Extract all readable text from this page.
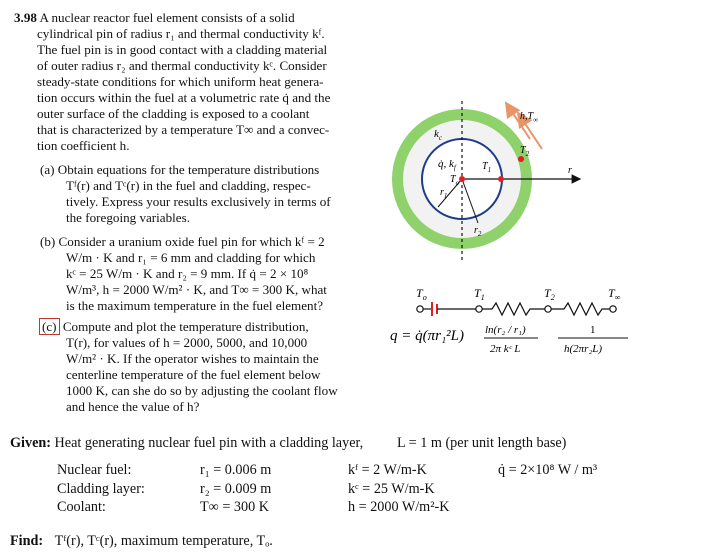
3.98 A nuclear reactor fuel element consists of a solid
cylindrical pin of radius r₁ and thermal conductivity kᶠ.
The fuel pin is in good contact with a cladding material
of outer radius r₂ and thermal conductivity kᶜ. Consider
steady-state conditions for which uniform heat genera-
tion occurs within the fuel at a volumetric rate q̇ and the
outer surface of the cladding is exposed to a coolant
that is characterized by a temperature T∞ and a convec-
tion coefficient h.
(a) Obtain equations for the temperature distributions
Tᶠ(r) and Tᶜ(r) in the fuel and cladding, respec-
tively. Express your results exclusively in terms of
the foregoing variables.
(b) Consider a uranium oxide fuel pin for which kᶠ = 2
W/m · K and r₁ = 6 mm and cladding for which
kᶜ = 25 W/m · K and r₂ = 9 mm. If q̇ = 2 × 10⁸
W/m³, h = 2000 W/m² · K, and T∞ = 300 K, what
is the maximum temperature in the fuel element?
(c) Compute and plot the temperature distribution,
T(r), for values of h = 2000, 5000, and 10,000
W/m² · K. If the operator wishes to maintain the
centerline temperature of the fuel element below
1000 K, can she do so by adjusting the coolant flow
and hence the value of h?
$k_c$
q̇, $k_f$	$T_1$
$T_o$
$T_2$
$r_1$
$r_2$
r
$h,T_\infty$
$T_o$	$T_1$	$T_2$	$T_\infty$
q = q̇(πr₁²L) ln(r₂ / r₁)
2π kᶜ L
1
h(2πr₂L)
Given: Heat generating nuclear fuel pin with a cladding layer, L = 1 m (per unit length base)
Nuclear fuel:	r₁ = 0.006 m	kᶠ = 2 W/m-K	q̇ = 2×10⁸ W / m³
Cladding layer:	r₂ = 0.009 m	kᶜ = 25 W/m-K
Coolant:	T∞ = 300 K	h = 2000 W/m²-K
Find: Tᶠ(r), Tᶜ(r), maximum temperature, Tₒ.
